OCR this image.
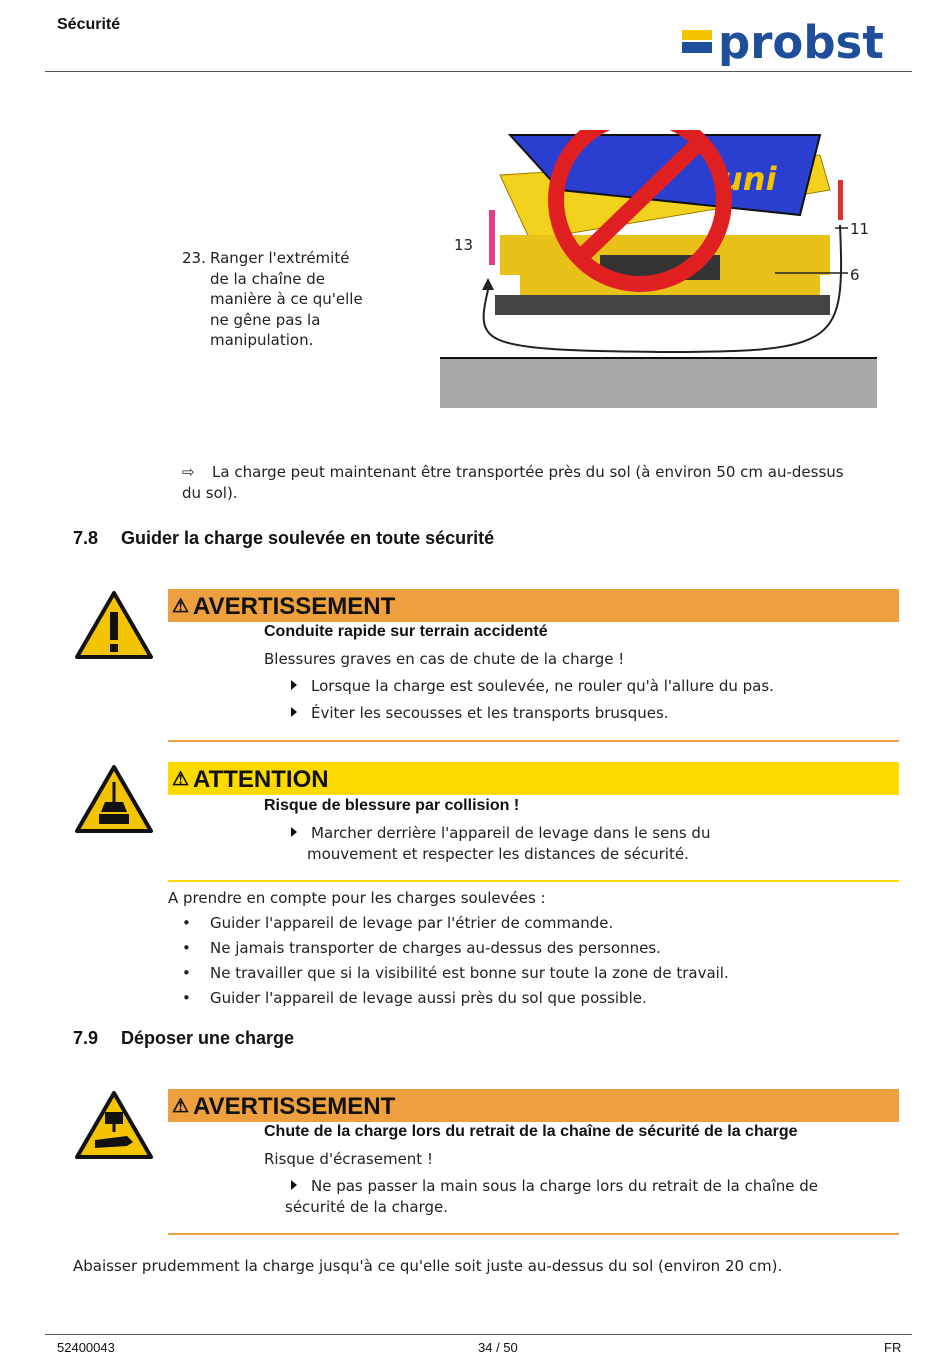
Sécurité	probst
23. Ranger l'extrémité
de la chaîne de
manière à ce qu'elle
ne gêne pas la
manipulation.
uni
13
11
6
⇨ La charge peut maintenant être transportée près du sol (à environ 50 cm au-dessus
du sol).
7.8 Guider la charge soulevée en toute sécurité
⚠ AVERTISSEMENT
Conduite rapide sur terrain accidenté
Blessures graves en cas de chute de la charge !
Lorsque la charge est soulevée, ne rouler qu'à l'allure du pas.
Éviter les secousses et les transports brusques.
⚠ ATTENTION
Risque de blessure par collision !
Marcher derrière l'appareil de levage dans le sens du
mouvement et respecter les distances de sécurité.
A prendre en compte pour les charges soulevées :
• Guider l'appareil de levage par l'étrier de commande.
• Ne jamais transporter de charges au-dessus des personnes.
• Ne travailler que si la visibilité est bonne sur toute la zone de travail.
• Guider l'appareil de levage aussi près du sol que possible.
7.9 Déposer une charge
⚠ AVERTISSEMENT
Chute de la charge lors du retrait de la chaîne de sécurité de la charge
Risque d'écrasement !
Ne pas passer la main sous la charge lors du retrait de la chaîne de
sécurité de la charge.
Abaisser prudemment la charge jusqu'à ce qu'elle soit juste au-dessus du sol (environ 20 cm).
52400043	34 / 50	FR
